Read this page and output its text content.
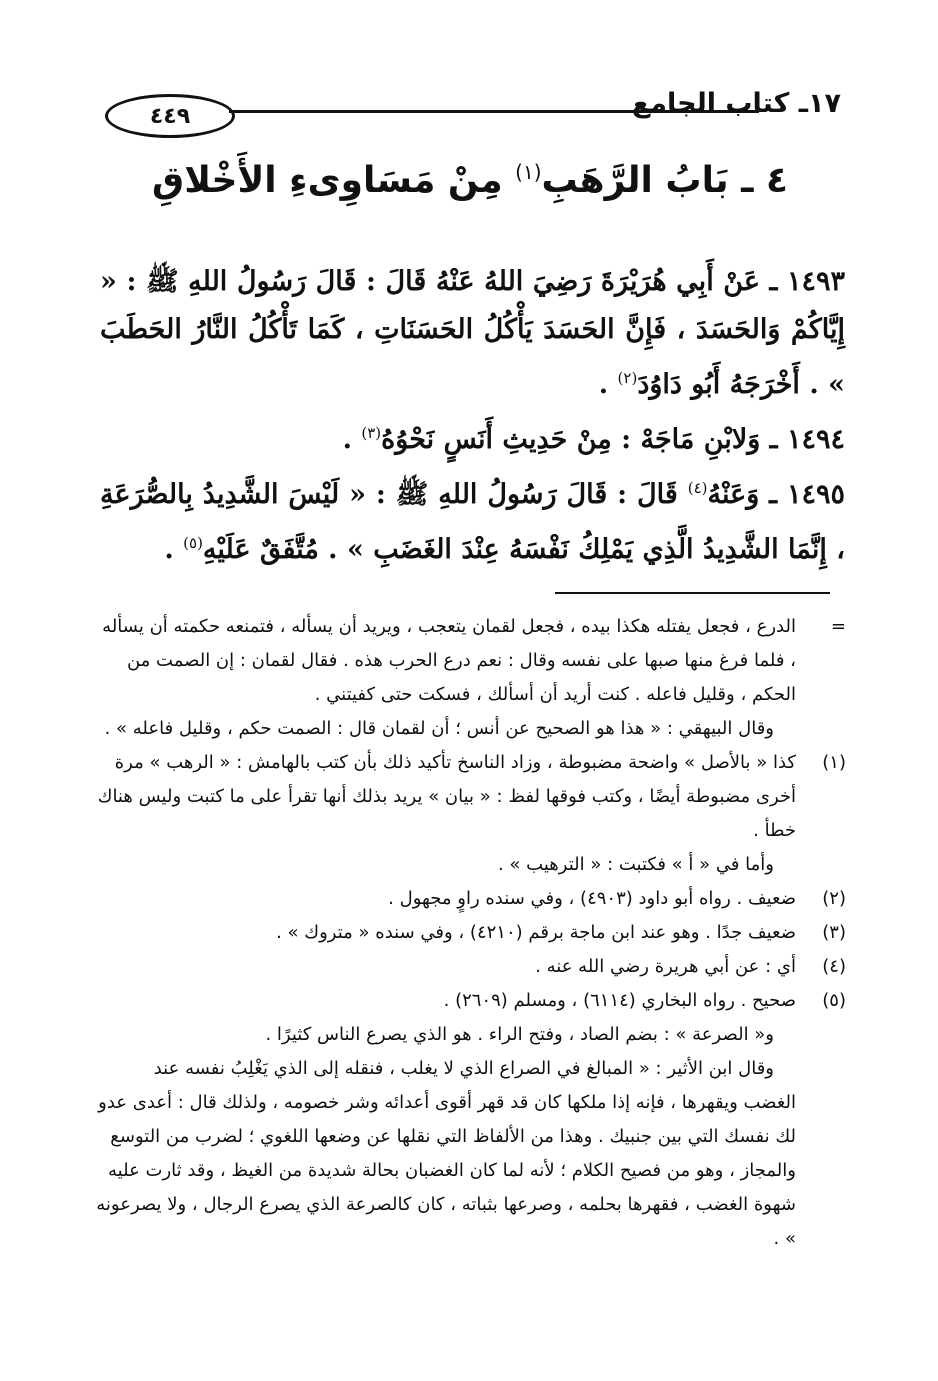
٤٤٩	١٧ـ كتاب الجامع
٤ ـ بَابُ الرَّهَبِ$^{(١)}$ مِنْ مَسَاوِىءِ الأَخْلاقِ

١٤٩٣ ـ عَنْ أَبِي هُرَيْرَةَ رَضِيَ اللهُ عَنْهُ قَالَ : قَالَ رَسُولُ اللهِ ﷺ : « إِيَّاكُمْ وَالحَسَدَ ، فَإِنَّ الحَسَدَ يَأْكُلُ الحَسَنَاتِ ، كَمَا تَأْكُلُ النَّارُ الحَطَبَ » . أَخْرَجَهُ أَبُو دَاوُدَ$^{(٢)}$ .

١٤٩٤ ـ وَلابْنِ مَاجَهْ : مِنْ حَدِيثِ أَنَسٍ نَحْوُهُ$^{(٣)}$ .

١٤٩٥ ـ وَعَنْهُ$^{(٤)}$ قَالَ : قَالَ رَسُولُ اللهِ ﷺ : « لَيْسَ الشَّدِيدُ بِالصُّرَعَةِ ، إِنَّمَا الشَّدِيدُ الَّذِي يَمْلِكُ نَفْسَهُ عِنْدَ الغَضَبِ » . مُتَّفَقٌ عَلَيْهِ$^{(٥)}$ .

=
الدرع ، فجعل يفتله هكذا بيده ، فجعل لقمان يتعجب ، ويريد أن يسأله ، فتمنعه حكمته أن يسأله ، فلما فرغ منها صبها على نفسه وقال : نعم درع الحرب هذه . فقال لقمان : إن الصمت من الحكم ، وقليل فاعله . كنت أريد أن أسألك ، فسكت حتى كفيتني .
وقال البيهقي : « هذا هو الصحيح عن أنس ؛ أن لقمان قال : الصمت حكم ، وقليل فاعله » .
(١)
كذا « بالأصل » واضحة مضبوطة ، وزاد الناسخ تأكيد ذلك بأن كتب بالهامش : « الرهب » مرة أخرى مضبوطة أيضًا ، وكتب فوقها لفظ : « بيان » يريد بذلك أنها تقرأ على ما كتبت وليس هناك خطأ .
وأما في « أ » فكتبت : « الترهيب » .
(٢)
ضعيف . رواه أبو داود (٤٩٠٣) ، وفي سنده راوٍ مجهول .
(٣)
ضعيف جدًا . وهو عند ابن ماجة برقم (٤٢١٠) ، وفي سنده « متروك » .
(٤)
أي : عن أبي هريرة رضي الله عنه .
(٥)
صحيح . رواه البخاري (٦١١٤) ، ومسلم (٢٦٠٩) .
و« الصرعة » : بضم الصاد ، وفتح الراء . هو الذي يصرع الناس كثيرًا .
وقال ابن الأثير : « المبالغ في الصراع الذي لا يغلب ، فنقله إلى الذي يَغْلِبُ نفسه عند الغضب ويقهرها ، فإنه إذا ملكها كان قد قهر أقوى أعدائه وشر خصومه ، ولذلك قال : أعدى عدو لك نفسك التي بين جنبيك . وهذا من الألفاظ التي نقلها عن وضعها اللغوي ؛ لضرب من التوسع والمجاز ، وهو من فصيح الكلام ؛ لأنه لما كان الغضبان بحالة شديدة من الغيظ ، وقد ثارت عليه شهوة الغضب ، فقهرها بحلمه ، وصرعها بثباته ، كان كالصرعة الذي يصرع الرجال ، ولا يصرعونه » .
